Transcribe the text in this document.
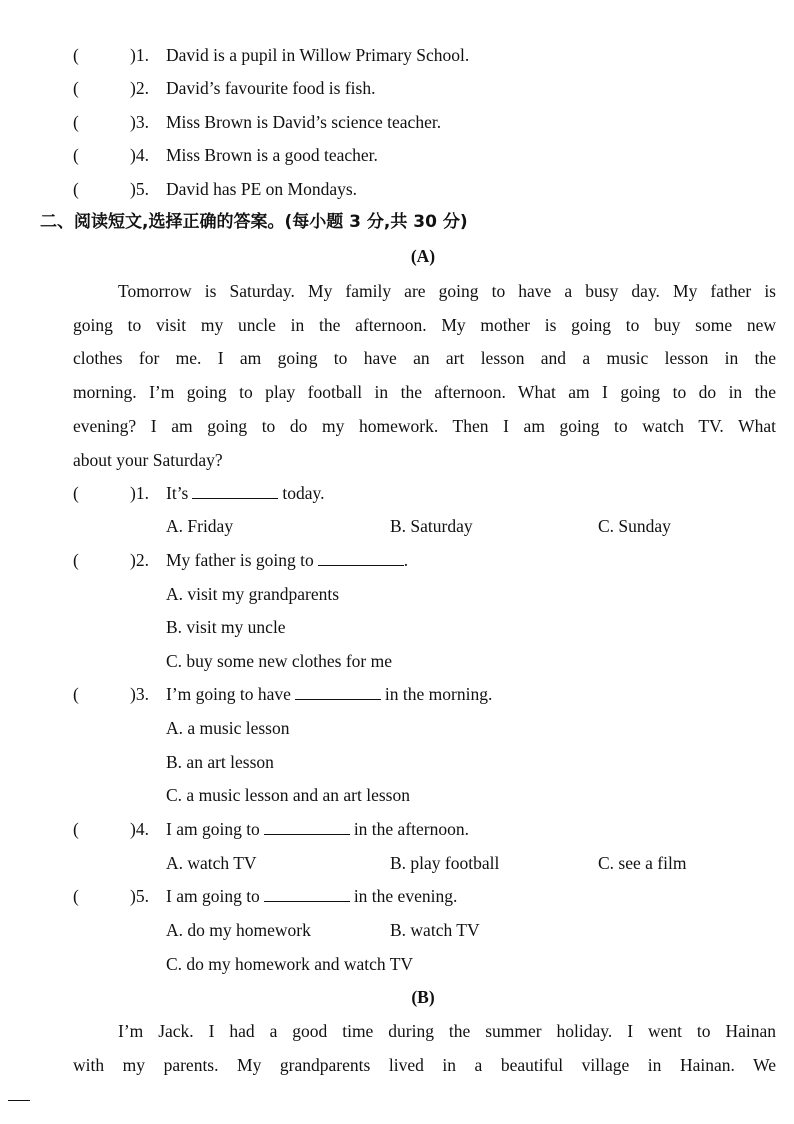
(	)1. David is a pupil in Willow Primary School.
(	)2. David’s favourite food is fish.
(	)3. Miss Brown is David’s science teacher.
(	)4. Miss Brown is a good teacher.
(	)5. David has PE on Mondays.
二、阅读短文,选择正确的答案。(每小题 3 分,共 30 分)
(A)
Tomorrow is Saturday. My family are going to have a busy day. My father is
going to visit my uncle in the afternoon. My mother is going to buy some new
clothes for me. I am going to have an art lesson and a music lesson in the
morning. I’m going to play football in the afternoon. What am I going to do in the
evening? I am going to do my homework. Then I am going to watch TV. What
about your Saturday?
(	)1. It’s	today.
A. Friday	B. Saturday	C. Sunday
(	)2. My father is going to	.
A. visit my grandparents
B. visit my uncle
C. buy some new clothes for me
(	)3. I’m going to have	in the morning.
A. a music lesson
B. an art lesson
C. a music lesson and an art lesson
(	)4. I am going to	in the afternoon.
A. watch TV	B. play football	C. see a film
(	)5. I am going to	in the evening.
A. do my homework	B. watch TV
C. do my homework and watch TV
(B)
I’m Jack. I had a good time during the summer holiday. I went to Hainan
with my parents. My grandparents lived in a beautiful village in Hainan. We
